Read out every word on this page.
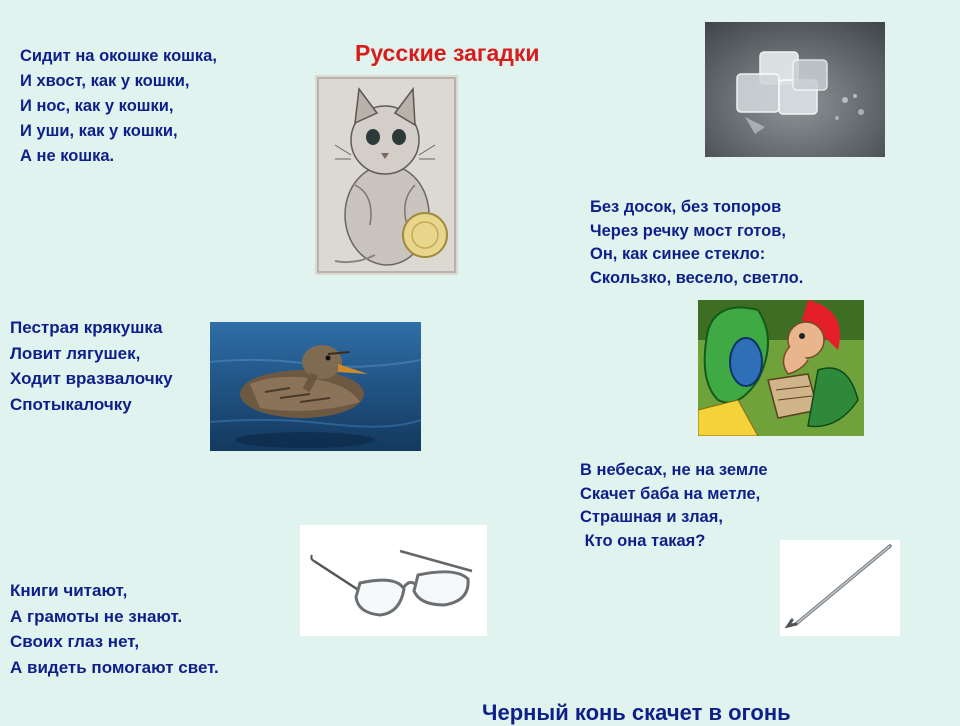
Русские загадки
Сидит на окошке кошка,
И хвост, как у кошки,
И нос, как у кошки,
И уши, как у кошки,
А не кошка.
Без досок, без топоров
Через речку мост готов,
Он, как синее стекло:
Скользко, весело, светло.
Пестрая крякушка
Ловит лягушек,
Ходит вразвалочку
Спотыкалочку
В небесах, не на земле
Скачет баба на метле,
Страшная и злая,
Кто она такая?
Книги читают,
А грамоты не знают.
Своих глаз нет,
А видеть помогают свет.
Черный конь скачет в огонь
